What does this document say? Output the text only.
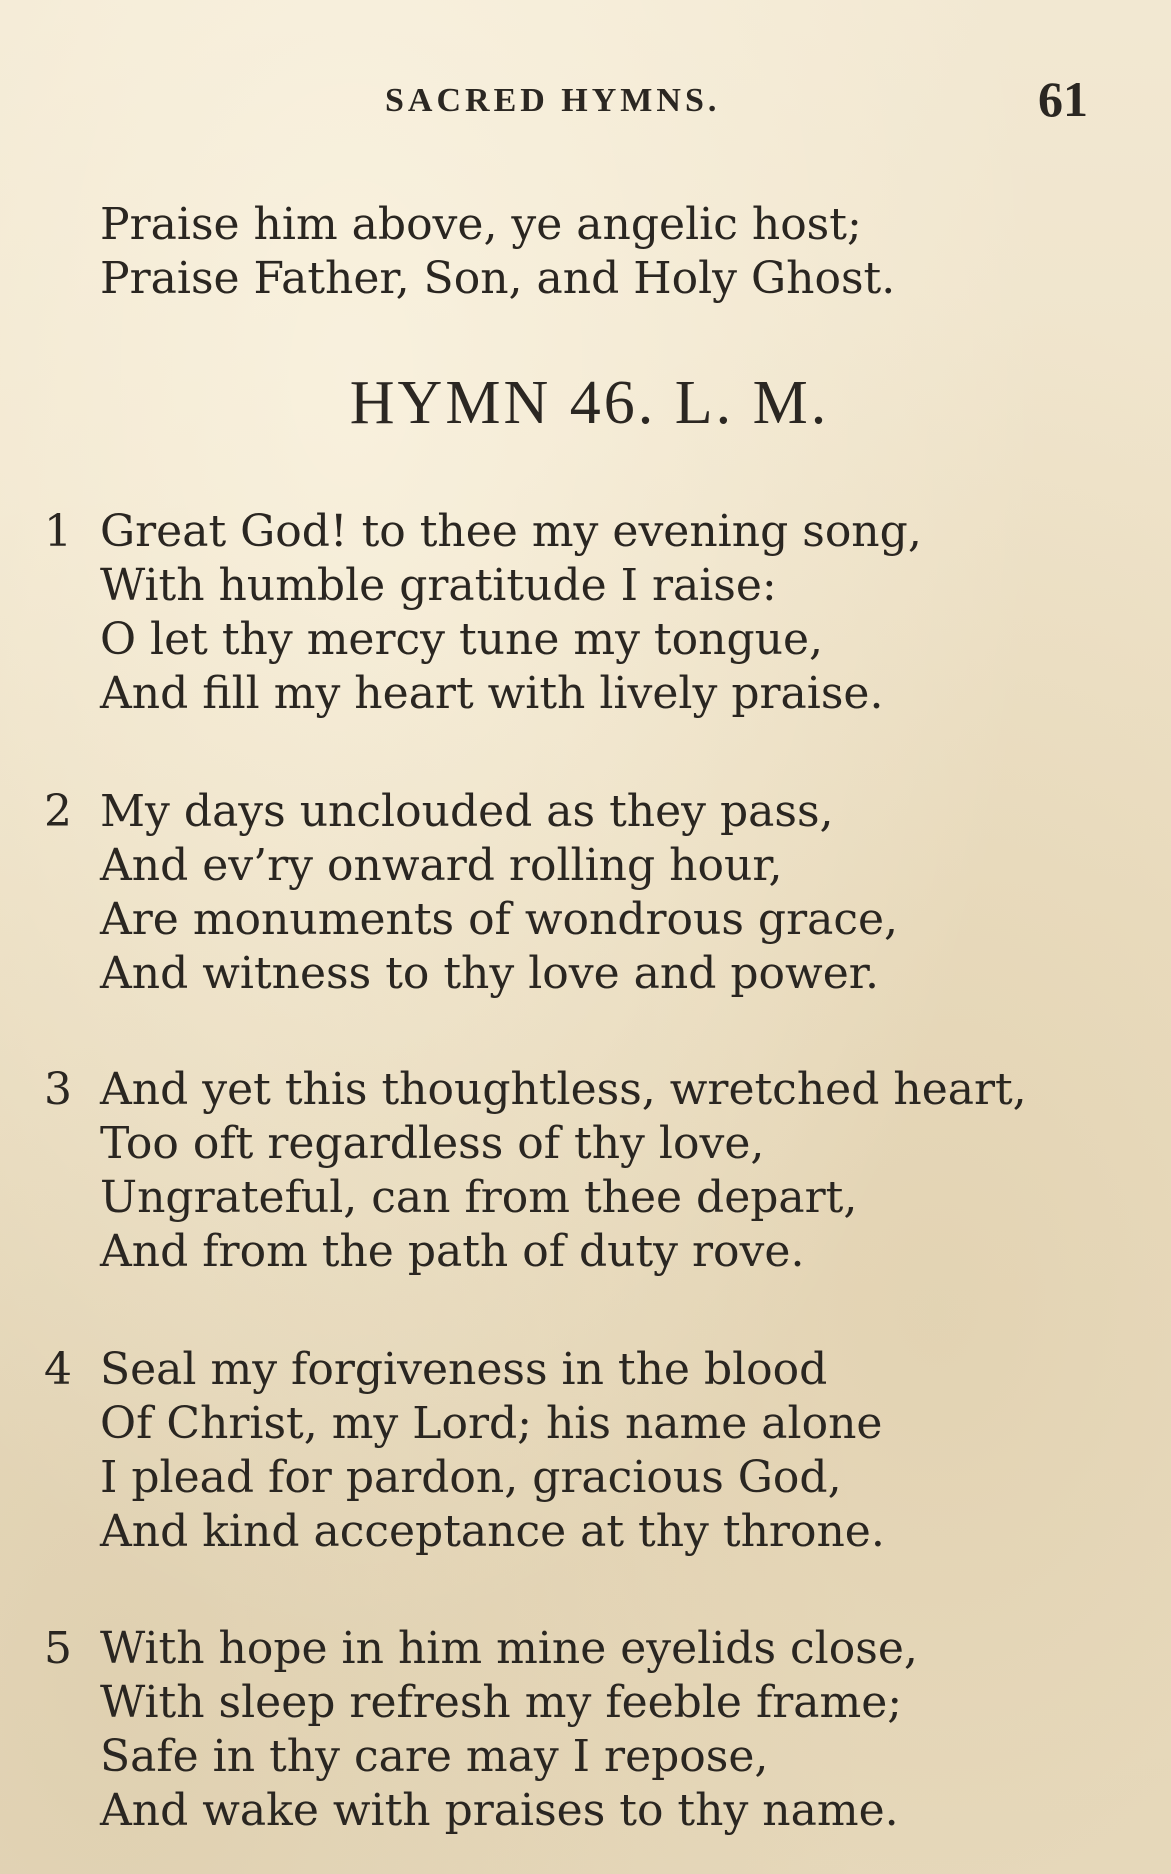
SACRED HYMNS.	61
Praise him above, ye angelic host;
Praise Father, Son, and Holy Ghost.
HYMN 46. L. M.
1 Great God! to thee my evening song,
With humble gratitude I raise:
O let thy mercy tune my tongue,
And fill my heart with lively praise.
2 My days unclouded as they pass,
And ev’ry onward rolling hour,
Are monuments of wondrous grace,
And witness to thy love and power.
3 And yet this thoughtless, wretched heart,
Too oft regardless of thy love,
Ungrateful, can from thee depart,
And from the path of duty rove.
4 Seal my forgiveness in the blood
Of Christ, my Lord; his name alone
I plead for pardon, gracious God,
And kind acceptance at thy throne.
5 With hope in him mine eyelids close,
With sleep refresh my feeble frame;
Safe in thy care may I repose,
And wake with praises to thy name.
